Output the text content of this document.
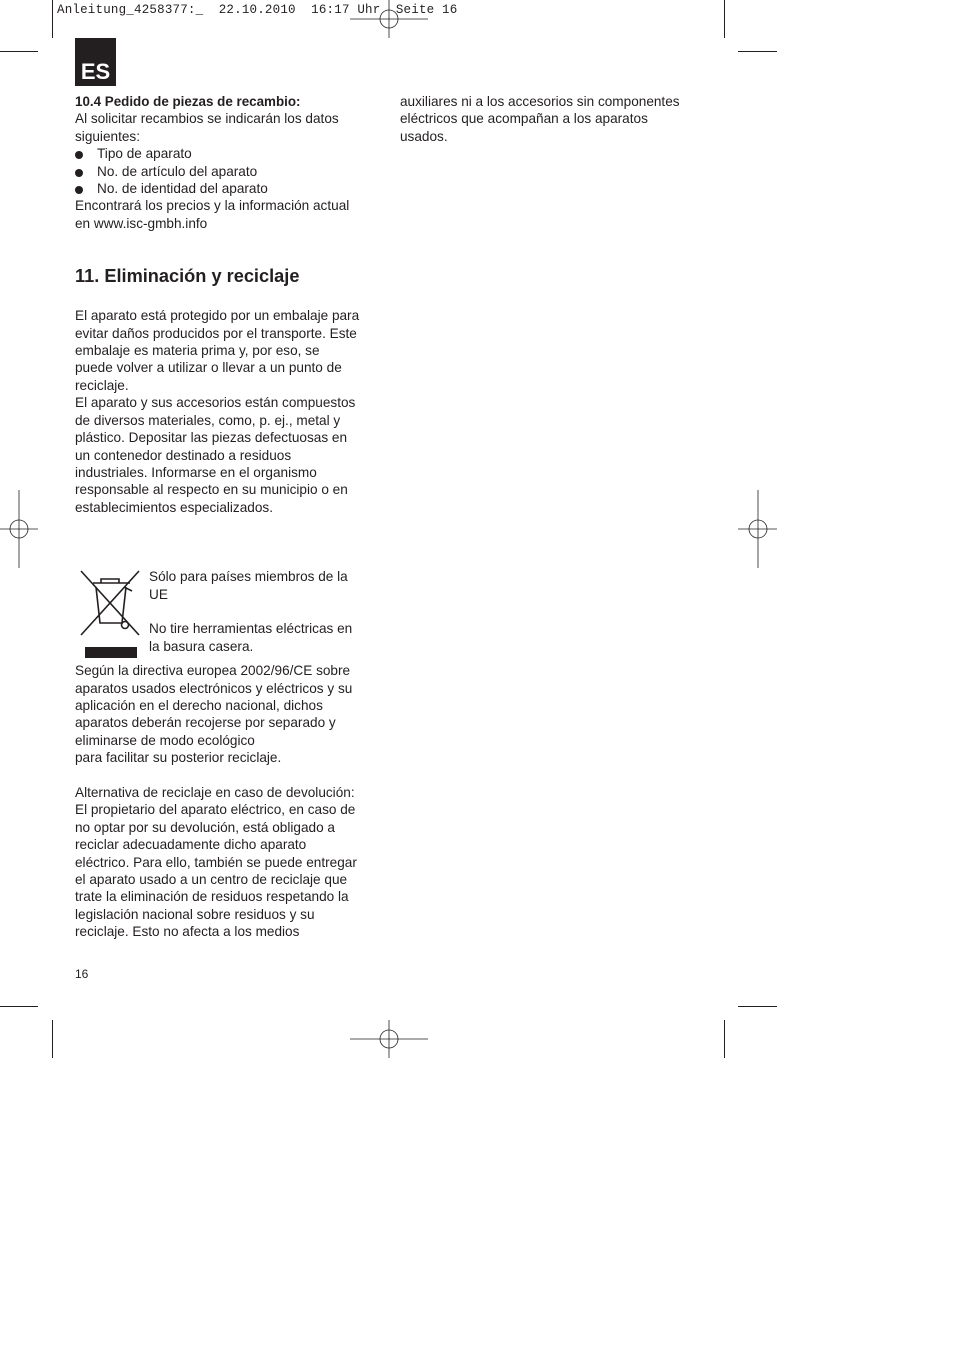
Anleitung_4258377:_  22.10.2010  16:17 Uhr  Seite 16
ES
10.4 Pedido de piezas de recambio:
Al solicitar recambios se indicarán los datos
siguientes:
Tipo de aparato
No. de artículo del aparato
No. de identidad del aparato
Encontrará los precios y la información actual
en www.isc-gmbh.info
11. Eliminación y reciclaje
El aparato está protegido por un embalaje para
evitar daños producidos por el transporte. Este
embalaje es materia prima y, por eso, se
puede volver a utilizar o llevar a un punto de
reciclaje.
El aparato y sus accesorios están compuestos
de diversos materiales, como, p. ej., metal y
plástico. Depositar las piezas defectuosas en
un contenedor destinado a residuos
industriales. Informarse en el organismo
responsable al respecto en su municipio o en
establecimientos especializados.
Sólo para países miembros de la
UE
No tire herramientas eléctricas en
la basura casera.
Según la directiva europea 2002/96/CE sobre
aparatos usados electrónicos y eléctricos y su
aplicación en el derecho nacional, dichos
aparatos deberán recojerse por separado y
eliminarse de modo ecológico
para facilitar su posterior reciclaje.
Alternativa de reciclaje en caso de devolución:
El propietario del aparato eléctrico, en caso de
no optar por su devolución, está obligado a
reciclar adecuadamente dicho aparato
eléctrico. Para ello, también se puede entregar
el aparato usado a un centro de reciclaje que
trate la eliminación de residuos respetando la
legislación nacional sobre residuos y su
reciclaje. Esto no afecta a los medios
auxiliares ni a los accesorios sin componentes
eléctricos que acompañan a los aparatos
usados.
16
